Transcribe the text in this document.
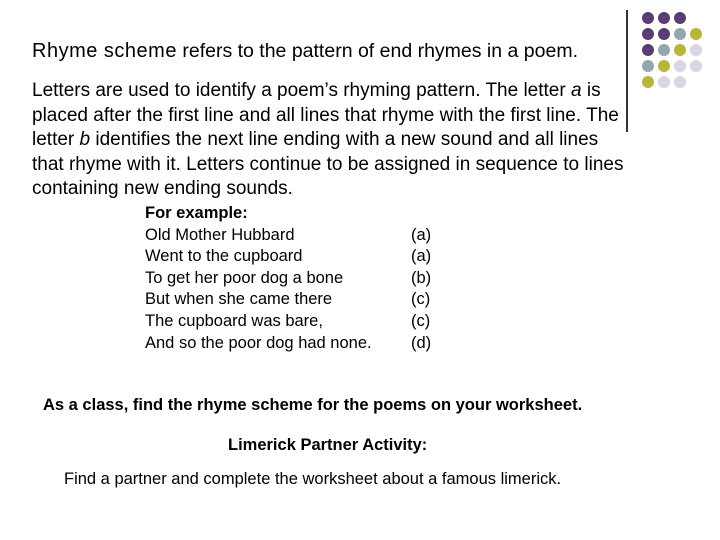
Rhyme scheme refers to the pattern of end rhymes in a poem.
Letters are used to identify a poem’s rhyming pattern. The letter a is placed after the first line and all lines that rhyme with the first line. The letter b identifies the next line ending with a new sound and all lines that rhyme with it. Letters continue to be assigned in sequence to lines containing new ending sounds.
For example:
Old Mother Hubbard	(a)
Went to the cupboard	(a)
To get her poor dog a bone	(b)
But when she came there	(c)
The cupboard was bare,	(c)
And so the poor dog had none. (d)
As a class, find the rhyme scheme for the poems on your worksheet.
Limerick Partner Activity:
Find a partner and complete the worksheet about a famous limerick.
